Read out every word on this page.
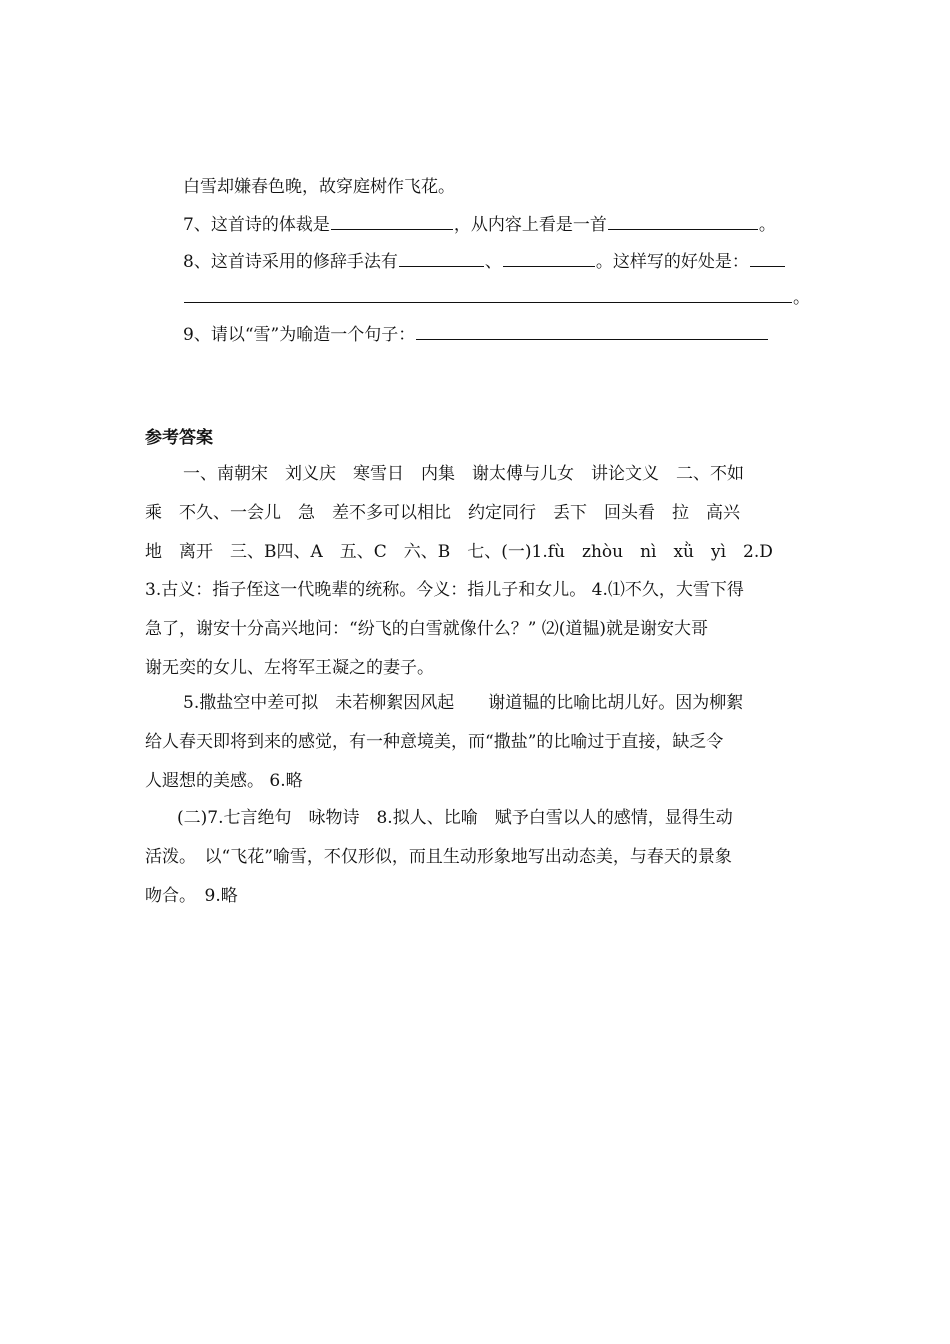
白雪却嫌春色晚，故穿庭树作飞花。
7、这首诗的体裁是	，从内容上看是一首	。
8、这首诗采用的修辞手法有	、	。这样写的好处是：
。
9、请以“雪”为喻造一个句子：
参考答案
一、南朝宋　刘义庆　寒雪日　内集　谢太傅与儿女　讲论文义　二、不如
乘　不久、一会儿　急　差不多可以相比　约定同行　丢下　回头看　拉　高兴
地　离开　三、B四、A　五、C　六、B　七、(一)1.fù　zhòu　nì　xǜ　yì　2.D
3.古义：指子侄这一代晚辈的统称。今义：指儿子和女儿。 4.⑴不久，大雪下得
急了，谢安十分高兴地问：“纷飞的白雪就像什么？” ⑵(道韫)就是谢安大哥
谢无奕的女儿、左将军王凝之的妻子。
5.撒盐空中差可拟　未若柳絮因风起　　谢道韫的比喻比胡儿好。因为柳絮
给人春天即将到来的感觉，有一种意境美，而“撒盐”的比喻过于直接，缺乏令
人遐想的美感。 6.略
(二)7.七言绝句　咏物诗　8.拟人、比喻　赋予白雪以人的感情，显得生动
活泼。　以“飞花”喻雪，不仅形似，而且生动形象地写出动态美，与春天的景象
吻合。　9.略
